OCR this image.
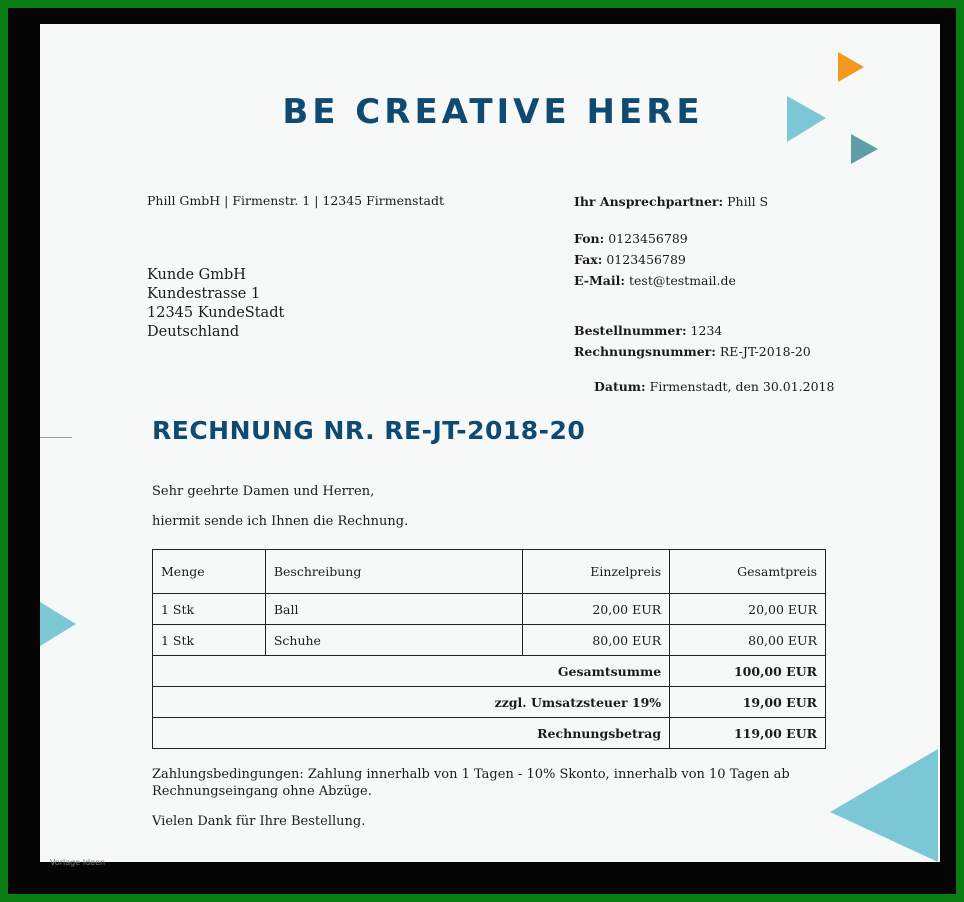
BE CREATIVE HERE
Phill GmbH | Firmenstr. 1 | 12345 Firmenstadt
Kunde GmbH
Kundestrasse 1
12345 KundeStadt
Deutschland
Ihr Ansprechpartner: Phill S
Fon: 0123456789
Fax: 0123456789
E-Mail: test@testmail.de
Bestellnummer: 1234
Rechnungsnummer: RE-JT-2018-20
Datum: Firmenstadt, den 30.01.2018
RECHNUNG NR. RE-JT-2018-20
Sehr geehrte Damen und Herren,
hiermit sende ich Ihnen die Rechnung.
Menge	Beschreibung	Einzelpreis	Gesamtpreis
1 Stk	Ball	20,00 EUR	20,00 EUR
1 Stk	Schuhe	80,00 EUR	80,00 EUR
Gesamtsumme			100,00 EUR
zzgl. Umsatzsteuer 19%			19,00 EUR
Rechnungsbetrag			119,00 EUR
Zahlungsbedingungen: Zahlung innerhalb von 1 Tagen - 10% Skonto, innerhalb von 10 Tagen ab Rechnungseingang ohne Abzüge.
Vielen Dank für Ihre Bestellung.
Vorlage Ideen
